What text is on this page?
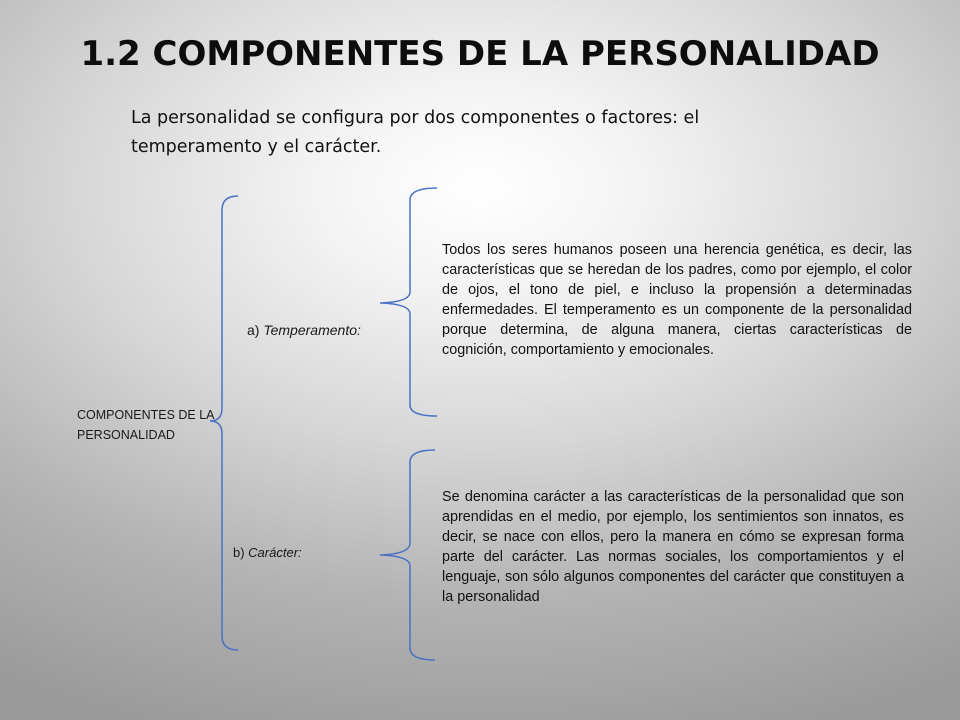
1.2 COMPONENTES DE LA PERSONALIDAD
La personalidad se configura por dos componentes o factores: el temperamento y el carácter.
COMPONENTES DE LA PERSONALIDAD
a) Temperamento:
b) Carácter:
Todos los seres humanos poseen una herencia genética, es decir, las características que se heredan de los padres, como por ejemplo, el color de ojos, el tono de piel, e incluso la propensión a determinadas enfermedades. El temperamento es un componente de la personalidad porque determina, de alguna manera, ciertas características de cognición, comportamiento y emocionales.
Se denomina carácter a las características de la personalidad que son aprendidas en el medio, por ejemplo, los sentimientos son innatos, es decir, se nace con ellos, pero la manera en cómo se expresan forma parte del carácter. Las normas sociales, los comportamientos y el lenguaje, son sólo algunos componentes del carácter que constituyen a la personalidad
